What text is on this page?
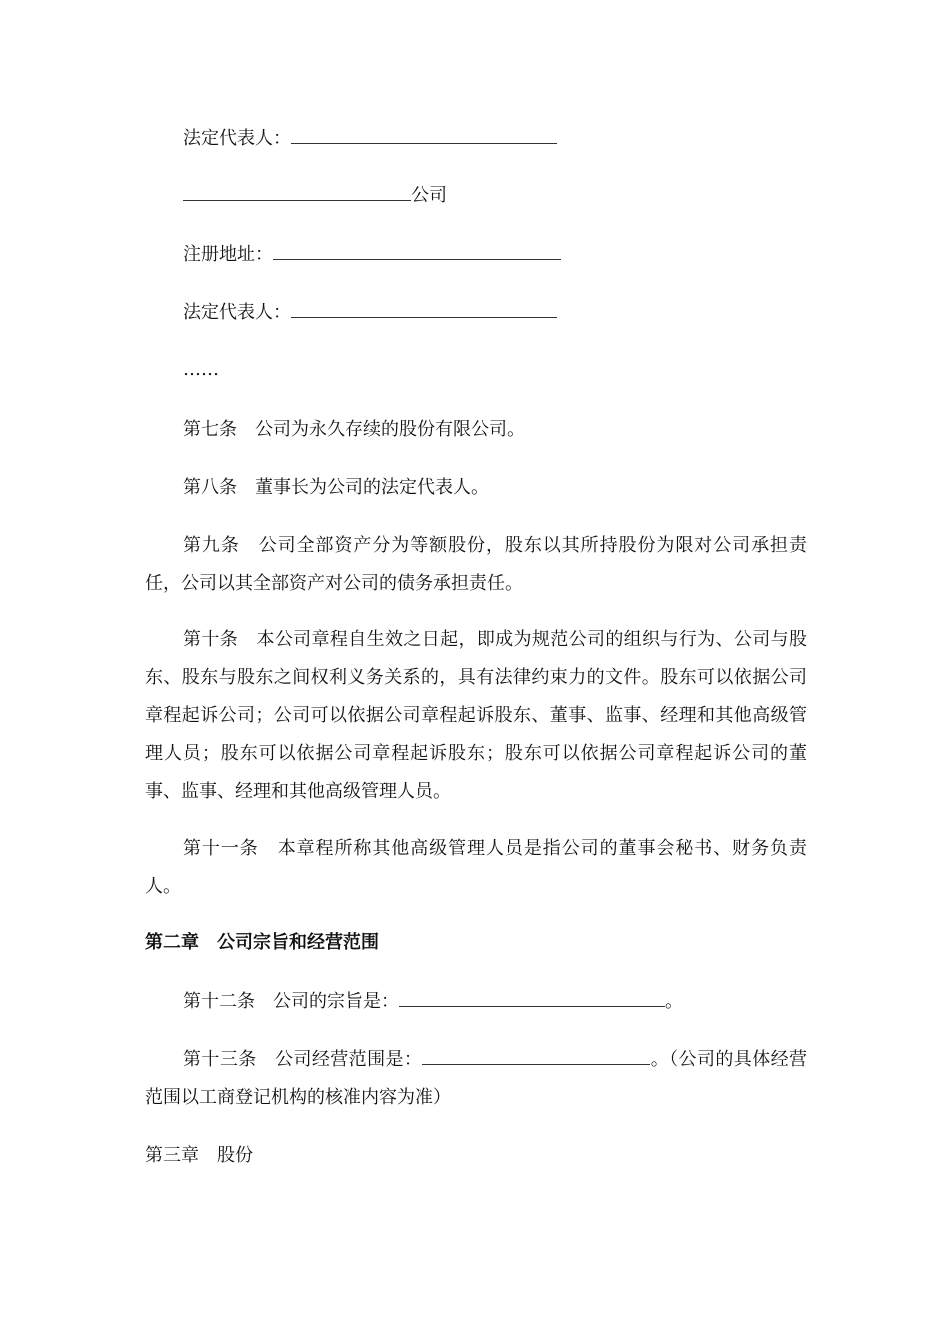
法定代表人：
公司
注册地址：
法定代表人：
……
第七条 公司为永久存续的股份有限公司。
第八条 董事长为公司的法定代表人。
第九条 公司全部资产分为等额股份，股东以其所持股份为限对公司承担责任，公司以其全部资产对公司的债务承担责任。
第十条 本公司章程自生效之日起，即成为规范公司的组织与行为、公司与股东、股东与股东之间权利义务关系的，具有法律约束力的文件。股东可以依据公司章程起诉公司；公司可以依据公司章程起诉股东、董事、监事、经理和其他高级管理人员；股东可以依据公司章程起诉股东；股东可以依据公司章程起诉公司的董事、监事、经理和其他高级管理人员。
第十一条 本章程所称其他高级管理人员是指公司的董事会秘书、财务负责人。
第二章 公司宗旨和经营范围
第十二条 公司的宗旨是：	。
第十三条 公司经营范围是：	。（公司的具体经营范围以工商登记机构的核准内容为准）
第三章 股份
